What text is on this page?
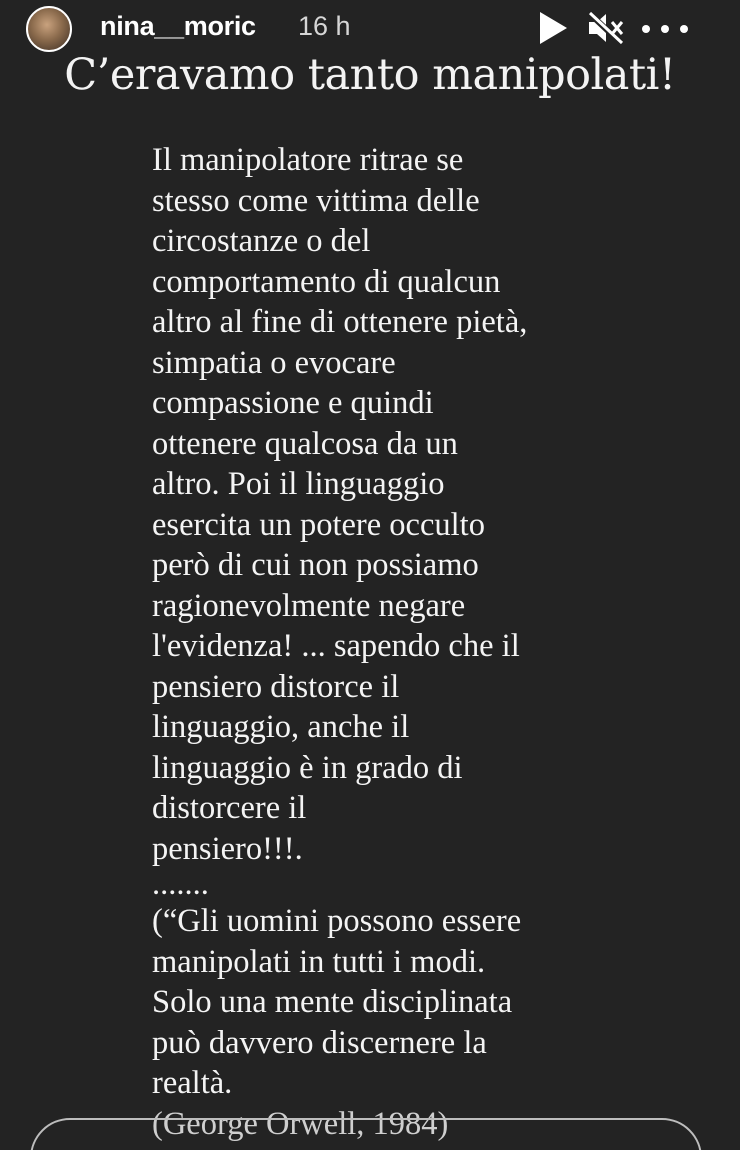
nina__moric 16 h
C’eravamo tanto manipolati!
Il manipolatore ritrae se
stesso come vittima delle
circostanze o del
comportamento di qualcun
altro al fine di ottenere pietà,
simpatia o evocare
compassione e quindi
ottenere qualcosa da un
altro. Poi il linguaggio
esercita un potere occulto
però di cui non possiamo
ragionevolmente negare
l'evidenza! ... sapendo che il
pensiero distorce il
linguaggio, anche il
linguaggio è in grado di
distorcere il
pensiero!!!.
.......
(“Gli uomini possono essere
manipolati in tutti i modi.
Solo una mente disciplinata
può davvero discernere la
realtà.
(George Orwell, 1984)
